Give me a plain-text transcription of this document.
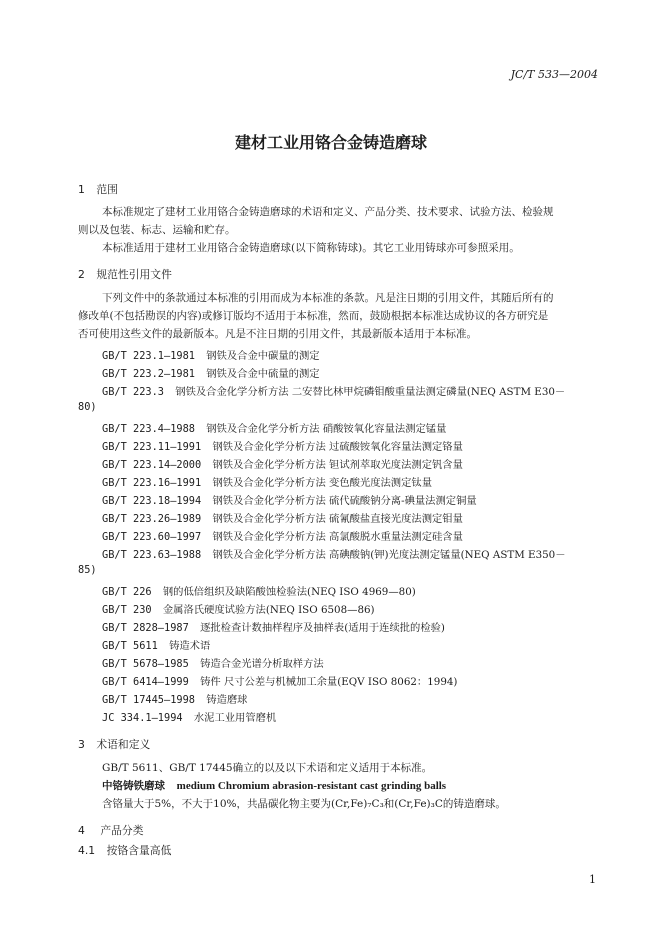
JC/T 533—2004
建材工业用铬合金铸造磨球
1 范围
本标准规定了建材工业用铬合金铸造磨球的术语和定义、产品分类、技术要求、试验方法、检验规
则以及包装、标志、运输和贮存。
本标准适用于建材工业用铬合金铸造磨球(以下简称铸球)。其它工业用铸球亦可参照采用。
2 规范性引用文件
下列文件中的条款通过本标准的引用而成为本标准的条款。凡是注日期的引用文件，其随后所有的
修改单(不包括勘误的内容)或修订版均不适用于本标准，然而，鼓励根据本标准达成协议的各方研究是
否可使用这些文件的最新版本。凡是不注日期的引用文件，其最新版本适用于本标准。
GB/T 223.1—1981 钢铁及合金中碳量的测定
GB/T 223.2—1981 钢铁及合金中硫量的测定
GB/T 223.3 钢铁及合金化学分析方法 二安替比林甲烷磷钼酸重量法测定磷量(NEQ ASTM E30－
80)
GB/T 223.4—1988 钢铁及合金化学分析方法 硝酸铵氧化容量法测定锰量
GB/T 223.11—1991 钢铁及合金化学分析方法 过硫酸铵氧化容量法测定铬量
GB/T 223.14—2000 钢铁及合金化学分析方法 钽试剂萃取光度法测定钒含量
GB/T 223.16—1991 钢铁及合金化学分析方法 变色酸光度法测定钛量
GB/T 223.18—1994 钢铁及合金化学分析方法 硫代硫酸钠分离-碘量法测定铜量
GB/T 223.26—1989 钢铁及合金化学分析方法 硫氰酸盐直接光度法测定钼量
GB/T 223.60—1997 钢铁及合金化学分析方法 高氯酸脱水重量法测定硅含量
GB/T 223.63—1988 钢铁及合金化学分析方法 高碘酸钠(钾)光度法测定锰量(NEQ ASTM E350－
85)
GB/T 226 钢的低倍组织及缺陷酸蚀检验法(NEQ ISO 4969—80)
GB/T 230 金属洛氏硬度试验方法(NEQ ISO 6508—86)
GB/T 2828—1987 逐批检查计数抽样程序及抽样表(适用于连续批的检验)
GB/T 5611 铸造术语
GB/T 5678—1985 铸造合金光谱分析取样方法
GB/T 6414—1999 铸件 尺寸公差与机械加工余量(EQV ISO 8062：1994)
GB/T 17445—1998 铸造磨球
JC 334.1—1994 水泥工业用管磨机
3 术语和定义
GB/T 5611、GB/T 17445确立的以及以下术语和定义适用于本标准。
中铬铸铁磨球 medium Chromium abrasion-resistant cast grinding balls
含铬量大于5%，不大于10%，共晶碳化物主要为(Cr,Fe)₇C₃和(Cr,Fe)₃C的铸造磨球。
4 产品分类
4.1 按铬含量高低
1
